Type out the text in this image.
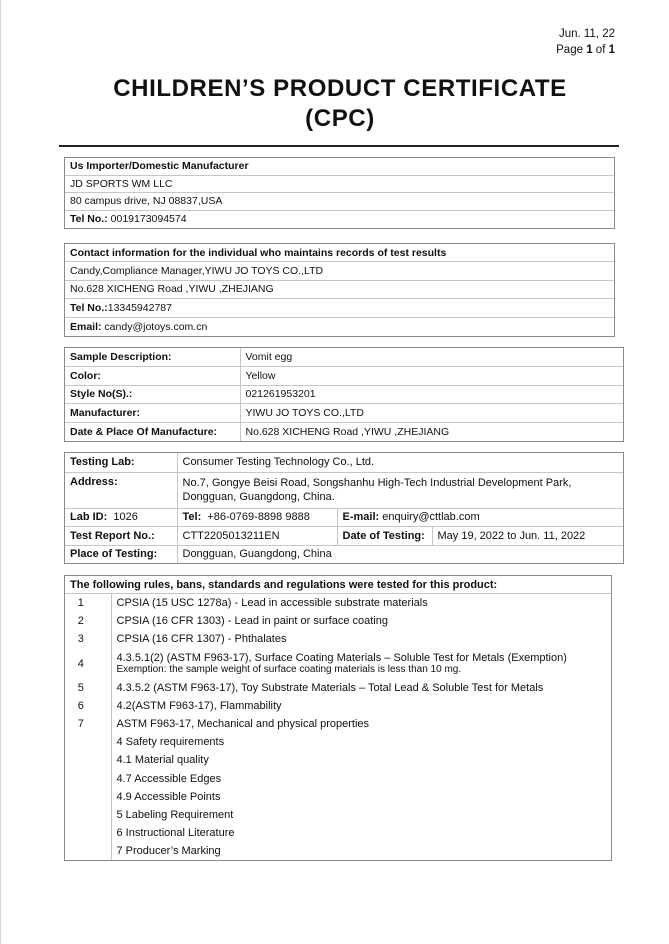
Jun. 11, 22
Page 1 of 1
CHILDREN’S PRODUCT CERTIFICATE
(CPC)
Us Importer/Domestic Manufacturer
JD SPORTS WM LLC
80 campus drive, NJ 08837,USA
Tel No.: 0019173094574
Contact information for the individual who maintains records of test results
Candy,Compliance Manager,YIWU JO TOYS CO.,LTD
No.628 XICHENG Road ,YIWU ,ZHEJIANG
Tel No.: 13345942787
Email: candy@jotoys.com.cn
Sample Description:	Vomit egg
Color:	Yellow
Style No(S).:	021261953201
Manufacturer:	YIWU JO TOYS CO.,LTD
Date & Place Of Manufacture:	No.628 XICHENG Road ,YIWU ,ZHEJIANG
Testing Lab:	Consumer Testing Technology Co., Ltd.		
Address:	No.7, Gongye Beisi Road, Songshanhu High-Tech Industrial Development Park,
Dongguan, Guangdong, China.		

Lab ID:  1026	Tel:  +86-0769-8898 9888	E-mail: enquiry@cttlab.com	
Test Report No.:	CTT2205013211EN	Date of Testing:	May 19, 2022 to Jun. 11, 2022
Place of Testing:	Dongguan, Guangdong, China		
The following rules, bans, standards and regulations were tested for this product:
1	CPSIA (15 USC 1278a) - Lead in accessible substrate materials
2	CPSIA (16 CFR 1303) - Lead in paint or surface coating
3	CPSIA (16 CFR 1307) - Phthalates
4	4.3.5.1(2) (ASTM F963-17), Surface Coating Materials – Soluble Test for Metals (Exemption)
Exemption: the sample weight of surface coating materials is less than 10 mg.

5	4.3.5.2 (ASTM F963-17), Toy Substrate Materials – Total Lead & Soluble Test for Metals
6	4.2(ASTM F963-17), Flammability
7	ASTM F963-17, Mechanical and physical properties
	4 Safety requirements
	4.1 Material quality
	4.7 Accessible Edges
	4.9 Accessible Points
	5 Labeling Requirement
	6 Instructional Literature
	7 Producer’s Marking
